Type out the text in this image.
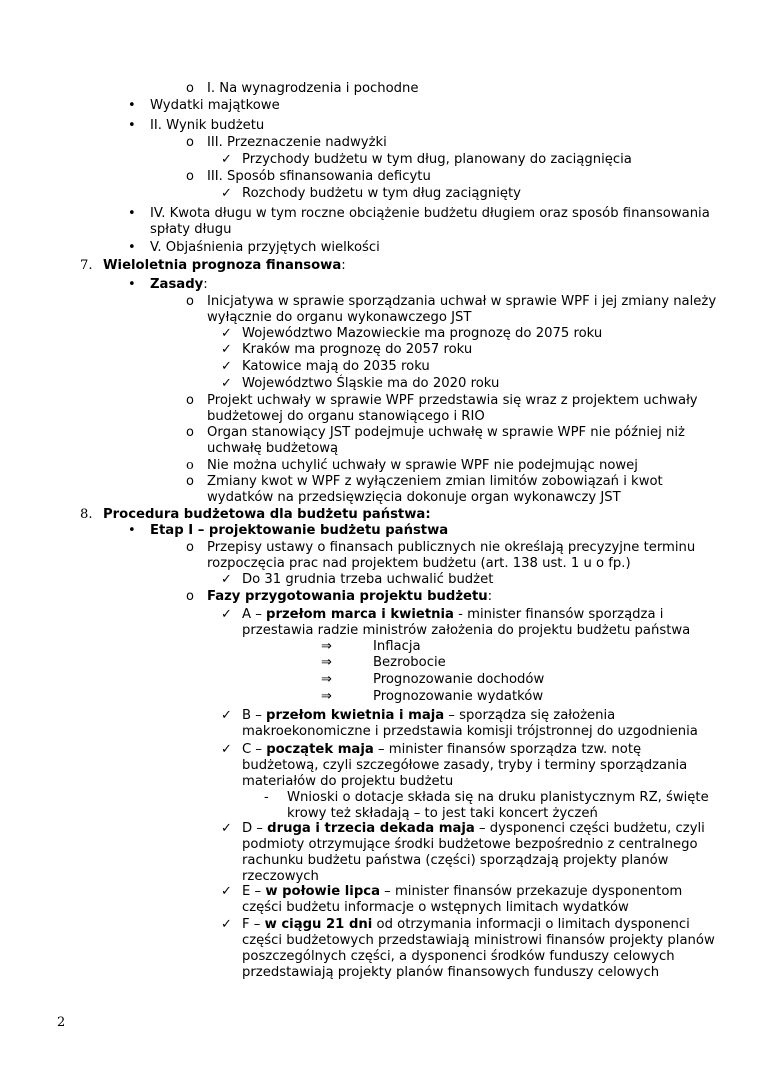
o I. Na wynagrodzenia i pochodne
• Wydatki majątkowe
• II. Wynik budżetu
o III. Przeznaczenie nadwyżki
✓ Przychody budżetu w tym dług, planowany do zaciągnięcia
o III. Sposób sfinansowania deficytu
✓ Rozchody budżetu w tym dług zaciągnięty
• IV. Kwota długu w tym roczne obciążenie budżetu długiem oraz sposób finansowania
spłaty długu
• V. Objaśnienia przyjętych wielkości
7. Wieloletnia prognoza finansowa:
• Zasady:
o Inicjatywa w sprawie sporządzania uchwał w sprawie WPF i jej zmiany należy
wyłącznie do organu wykonawczego JST
✓ Województwo Mazowieckie ma prognozę do 2075 roku
✓ Kraków ma prognozę do 2057 roku
✓ Katowice mają do 2035 roku
✓ Województwo Śląskie ma do 2020 roku
o Projekt uchwały w sprawie WPF przedstawia się wraz z projektem uchwały
budżetowej do organu stanowiącego i RIO
o Organ stanowiący JST podejmuje uchwałę w sprawie WPF nie później niż
uchwałę budżetową
o Nie można uchylić uchwały w sprawie WPF nie podejmując nowej
o Zmiany kwot w WPF z wyłączeniem zmian limitów zobowiązań i kwot
wydatków na przedsięwzięcia dokonuje organ wykonawczy JST
8. Procedura budżetowa dla budżetu państwa:
• Etap I – projektowanie budżetu państwa
o Przepisy ustawy o finansach publicznych nie określają precyzyjne terminu
rozpoczęcia prac nad projektem budżetu (art. 138 ust. 1 u o fp.)
✓ Do 31 grudnia trzeba uchwalić budżet
o Fazy przygotowania projektu budżetu:
✓ A – przełom marca i kwietnia - minister finansów sporządza i
przestawia radzie ministrów założenia do projektu budżetu państwa
⇒	Inflacja
⇒	Bezrobocie
⇒	Prognozowanie dochodów
⇒	Prognozowanie wydatków
✓ B – przełom kwietnia i maja – sporządza się założenia
makroekonomiczne i przedstawia komisji trójstronnej do uzgodnienia
✓ C – początek maja – minister finansów sporządza tzw. notę
budżetową, czyli szczegółowe zasady, tryby i terminy sporządzania
materiałów do projektu budżetu
- Wnioski o dotacje składa się na druku planistycznym RZ, święte
krowy też składają – to jest taki koncert życzeń
✓ D – druga i trzecia dekada maja – dysponenci części budżetu, czyli
podmioty otrzymujące środki budżetowe bezpośrednio z centralnego
rachunku budżetu państwa (części) sporządzają projekty planów
rzeczowych
✓ E – w połowie lipca – minister finansów przekazuje dysponentom
części budżetu informacje o wstępnych limitach wydatków
✓ F – w ciągu 21 dni od otrzymania informacji o limitach dysponenci
części budżetowych przedstawiają ministrowi finansów projekty planów
poszczególnych części, a dysponenci środków funduszy celowych
przedstawiają projekty planów finansowych funduszy celowych
2
